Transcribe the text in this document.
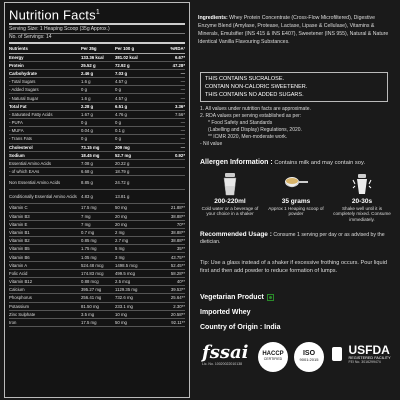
Nutrition Facts$^1$
Serving Size: 1 Heaping Scoop (35g Approx.)
No. of Servings: 14
Nutrients	Per 35g	Per 100 g	%RDA²
Energy	133.36 kcal	381.02 kcal	6.67*
Protein	25.52 g	72.92 g	47.28*
Carbohydrate	2.46 g	7.03 g	—
- Total Sugars	1.6 g	4.57 g	—
- Added Sugars	0 g	0 g	—
- Natural Sugar	1.6 g	4.57 g	—
Total Fat	2.28 g	6.51 g	3.36*
- Saturated Fatty Acids	1.67 g	4.76 g	7.56*
- PUFA	0 g	0 g	—
- MUFA	0.04 g	0.1 g	—
- Trans Fats	0 g	0 g	—
Cholesterol	73.15 mg	209 mg	—
Sodium	18.45 mg	52.7 mg	0.92*
Essential Amino Acids	7.08 g	20.22 g	
- of which EAAs	6.68 g	18.79 g	
Non Essential Amino Acids	8.85 g	24.72 g	
Conditionally Essential Amino Acids	4.83 g	13.81 g	
Vitamin C	17.5 mg	50 mg	21.88**
Vitamin B3	7 mg	20 mg	38.88**
Vitamin E	7 mg	20 mg	70**
Vitamin B1	0.7 mg	2 mg	38.88**
Vitamin B2	0.85 mg	2.7 mg	38.88**
Vitamin B5	1.75 mg	5 mg	35**
Vitamin B6	1.05 mg	3 mg	43.75**
Vitamin A	524.48 mcg	1498.5 mcg	52.45**
Folic Acid	174.83 mcg	499.5 mcg	58.28**
Vitamin B12	0.88 mcg	2.5 mcg	40**
Calcium	395.27 mg	1129.35 mg	39.53**
Phosphorus	256.41 mg	732.6 mg	25.64**
Potassium	81.50 mg	233.1 mg	2.30**
Zinc Sulphate	3.5 mg	10 mg	20.58**
Iron	17.5 mg	50 mg	92.11**
Ingredients: Whey Protein Concentrate (Cross-Flow Microfiltered), Digestive Enzyme Blend (Amylase, Protease, Lactase, Lipase & Cellulase), Vitamins & Minerals, Emulsifier (INS 415 & INS E407), Sweetener (INS 955), Natural & Nature Identical Vanilla Flavouring Substances.
THIS CONTAINS SUCRALOSE.
CONTAIN NON-CALORIC SWEETENER.
THIS CONTAINS NO ADDED SUGARS.
1. All values under nutrition facts are approximate.
2. RDA values per serving established as per:
* Food Safety and Standards
(Labelling and Display) Regulations, 2020.
** ICMR 2020, Men-moderate work.
- Nil value
Allergen Information : Contains milk and may contain soy.
200-220ml
Cold water or a beverage of your choice in a shaker
35 grams
Approx 1 Heaping scoop of powder
20-30s
Shake well until it is completely mixed. Consume immediately.
Recommended Usage : Consume 1 serving per day or as advised by the dietician.
Tip: Use a glass instead of a shaker if excessive frothing occurs. Pour liquid first and then add powder to reduce formation of lumps.
Vegetarian Product
Imported Whey
Country of Origin : India
fssai
Lic. No. 10020022010138
HACCP
CERTIFIED
ISO
9001:2015

USFDA
REGISTERED FACILITY
FEI No. 3016299474
